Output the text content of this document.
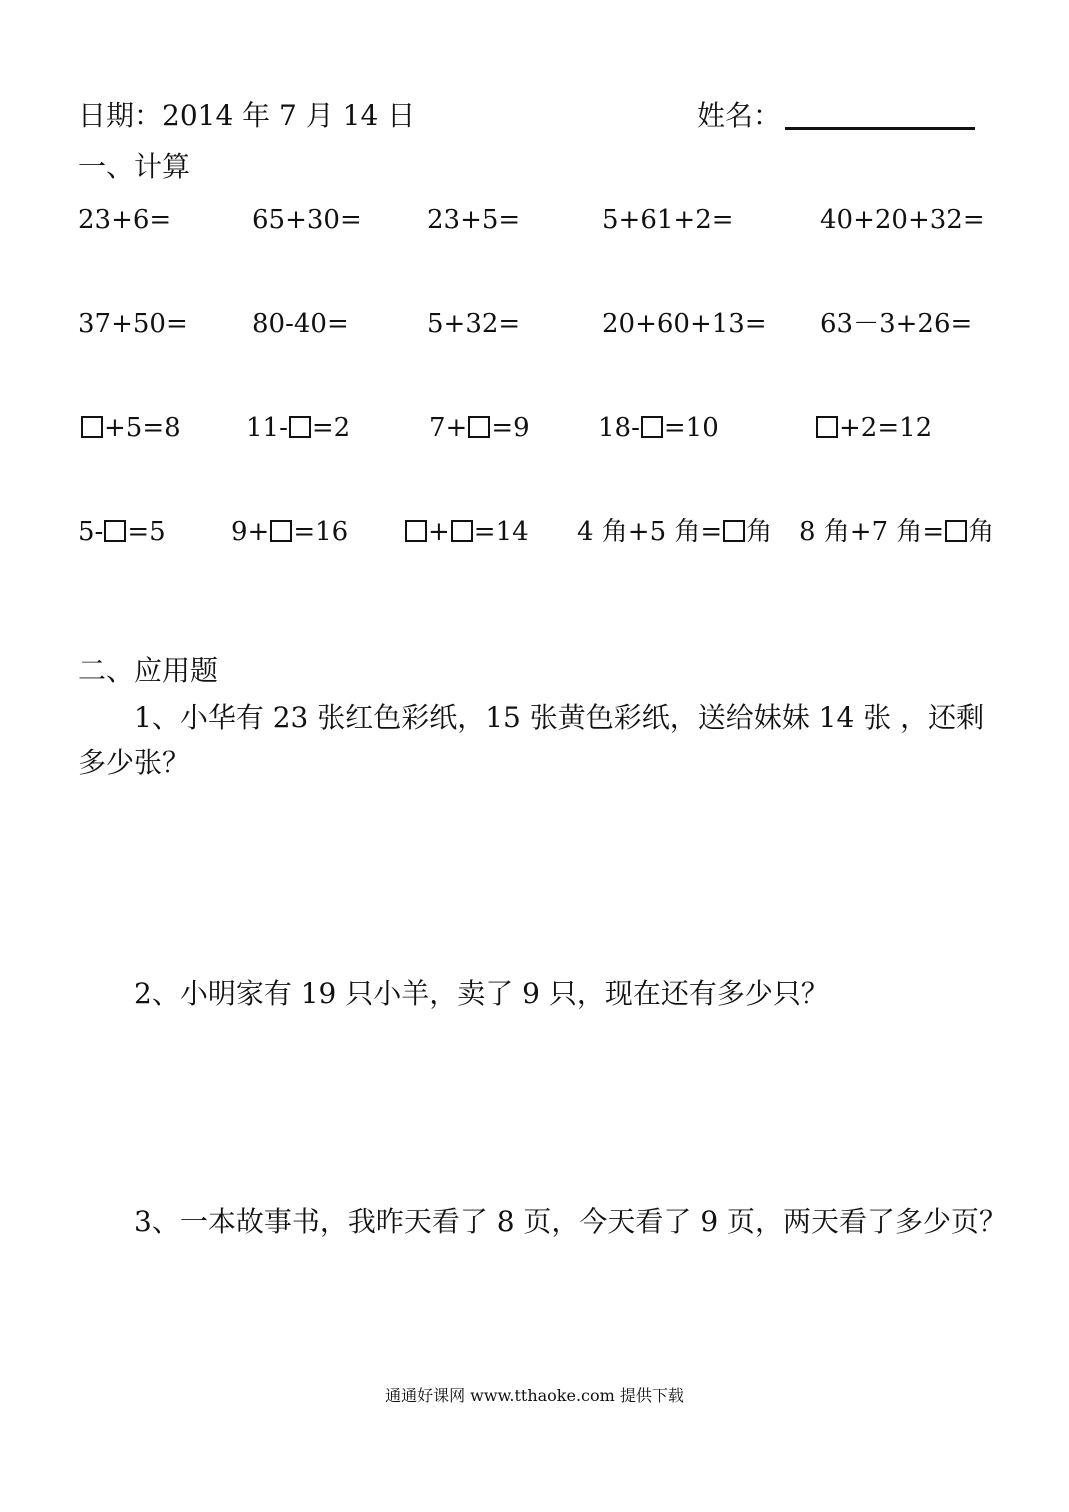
日期：2014 年 7 月 14 日	姓名：
一、计算
23+6=	65+30=	23+5=	5+61+2=	40+20+32=
37+50= 80-40=	5+32=	20+60+13= 63－3+26=
+5=8	11- =2	7+ =9	18- =10	+2=12
5- =5	9+ =16	+ =14 4 角+5 角= 角 8 角+7 角= 角
二、应用题
1、小华有 23 张红色彩纸，15 张黄色彩纸，送给妹妹 14 张 ，还剩
多少张？
2、小明家有 19 只小羊，卖了 9 只，现在还有多少只？
3、一本故事书，我昨天看了 8 页，今天看了 9 页，两天看了多少页？
通通好课网 www.tthaoke.com 提供下载
